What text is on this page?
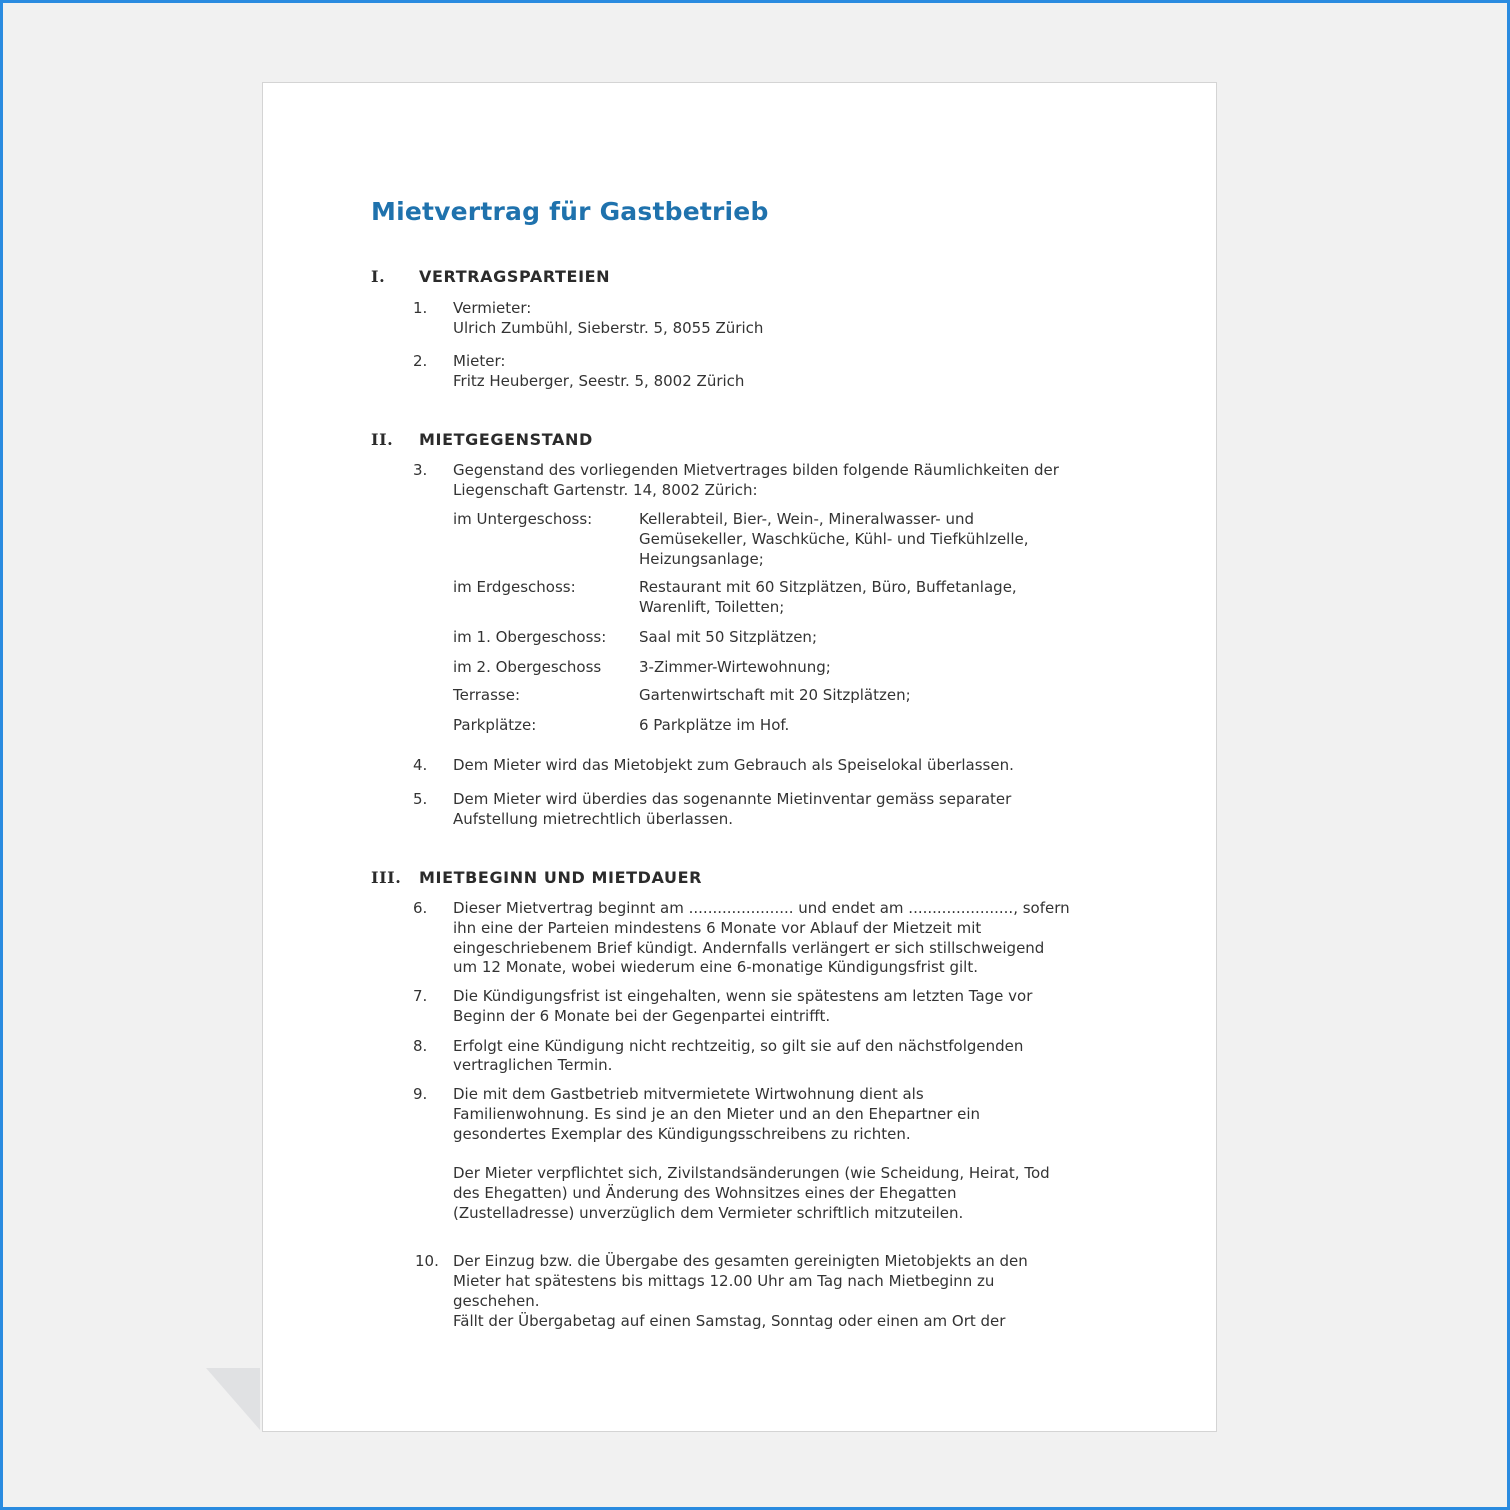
Mietvertrag für Gastbetrieb
I. VERTRAGSPARTEIEN
1. Vermieter:
Ulrich Zumbühl, Sieberstr. 5, 8055 Zürich
2. Mieter:
Fritz Heuberger, Seestr. 5, 8002 Zürich
II. MIETGEGENSTAND
3. Gegenstand des vorliegenden Mietvertrages bilden folgende Räumlichkeiten der
Liegenschaft Gartenstr. 14, 8002 Zürich:
im Untergeschoss:	Kellerabteil, Bier-, Wein-, Mineralwasser- und
Gemüsekeller, Waschküche, Kühl- und Tiefkühlzelle,
Heizungsanlage;
im Erdgeschoss:	Restaurant mit 60 Sitzplätzen, Büro, Buffetanlage,
Warenlift, Toiletten;
im 1. Obergeschoss: Saal mit 50 Sitzplätzen;
im 2. Obergeschoss	3-Zimmer-Wirtewohnung;
Terrasse:	Gartenwirtschaft mit 20 Sitzplätzen;
Parkplätze:	6 Parkplätze im Hof.
4. Dem Mieter wird das Mietobjekt zum Gebrauch als Speiselokal überlassen.
5. Dem Mieter wird überdies das sogenannte Mietinventar gemäss separater
Aufstellung mietrechtlich überlassen.
III. MIETBEGINN UND MIETDAUER
6. Dieser Mietvertrag beginnt am ...................... und endet am ......................, sofern
ihn eine der Parteien mindestens 6 Monate vor Ablauf der Mietzeit mit
eingeschriebenem Brief kündigt. Andernfalls verlängert er sich stillschweigend
um 12 Monate, wobei wiederum eine 6-monatige Kündigungsfrist gilt.
7. Die Kündigungsfrist ist eingehalten, wenn sie spätestens am letzten Tage vor
Beginn der 6 Monate bei der Gegenpartei eintrifft.
8. Erfolgt eine Kündigung nicht rechtzeitig, so gilt sie auf den nächstfolgenden
vertraglichen Termin.
9. Die mit dem Gastbetrieb mitvermietete Wirtwohnung dient als
Familienwohnung. Es sind je an den Mieter und an den Ehepartner ein
gesondertes Exemplar des Kündigungsschreibens zu richten.
Der Mieter verpflichtet sich, Zivilstandsänderungen (wie Scheidung, Heirat, Tod
des Ehegatten) und Änderung des Wohnsitzes eines der Ehegatten
(Zustelladresse) unverzüglich dem Vermieter schriftlich mitzuteilen.
10. Der Einzug bzw. die Übergabe des gesamten gereinigten Mietobjekts an den
Mieter hat spätestens bis mittags 12.00 Uhr am Tag nach Mietbeginn zu
geschehen.
Fällt der Übergabetag auf einen Samstag, Sonntag oder einen am Ort der
